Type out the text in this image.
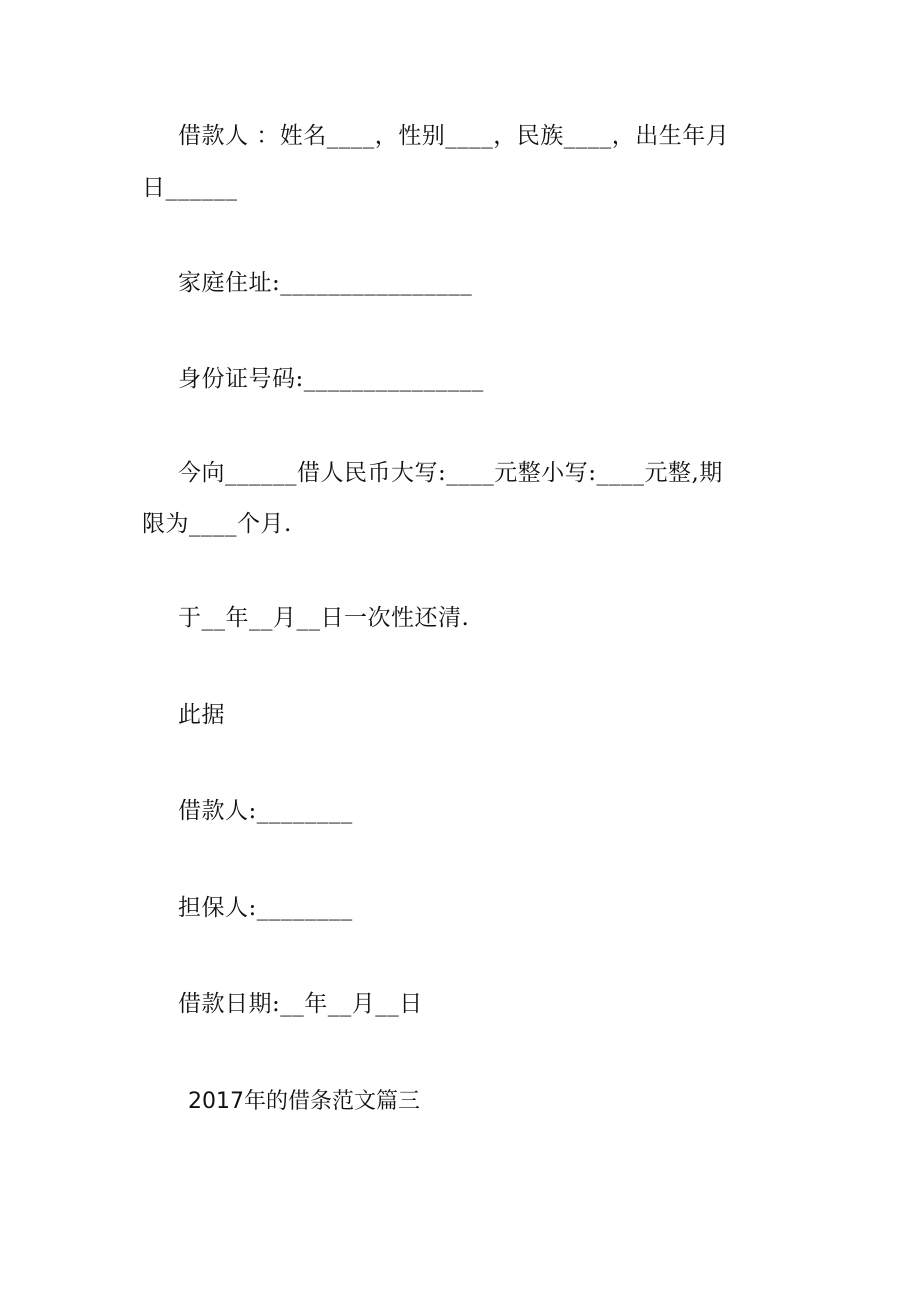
借款人 ：姓名____，性别____，民族____，出生年月
日______
家庭住址:________________
身份证号码:_______________
今向______借人民币大写:____元整小写:____元整,期
限为____个月.
于__年__月__日一次性还清.
此据
借款人:________
担保人:________
借款日期:__年__月__日
2017年的借条范文篇三
